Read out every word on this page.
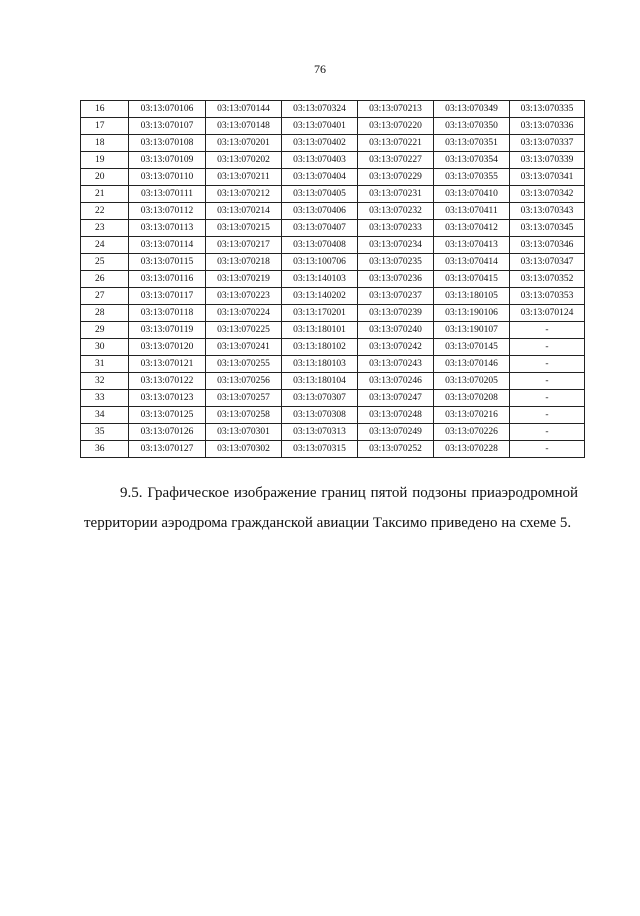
76
16	03:13:070106	03:13:070144	03:13:070324	03:13:070213	03:13:070349	03:13:070335
17	03:13:070107	03:13:070148	03:13:070401	03:13:070220	03:13:070350	03:13:070336
18	03:13:070108	03:13:070201	03:13:070402	03:13:070221	03:13:070351	03:13:070337
19	03:13:070109	03:13:070202	03:13:070403	03:13:070227	03:13:070354	03:13:070339
20	03:13:070110	03:13:070211	03:13:070404	03:13:070229	03:13:070355	03:13:070341
21	03:13:070111	03:13:070212	03:13:070405	03:13:070231	03:13:070410	03:13:070342
22	03:13:070112	03:13:070214	03:13:070406	03:13:070232	03:13:070411	03:13:070343
23	03:13:070113	03:13:070215	03:13:070407	03:13:070233	03:13:070412	03:13:070345
24	03:13:070114	03:13:070217	03:13:070408	03:13:070234	03:13:070413	03:13:070346
25	03:13:070115	03:13:070218	03:13:100706	03:13:070235	03:13:070414	03:13:070347
26	03:13:070116	03:13:070219	03:13:140103	03:13:070236	03:13:070415	03:13:070352
27	03:13:070117	03:13:070223	03:13:140202	03:13:070237	03:13:180105	03:13:070353
28	03:13:070118	03:13:070224	03:13:170201	03:13:070239	03:13:190106	03:13:070124
29	03:13:070119	03:13:070225	03:13:180101	03:13:070240	03:13:190107	-
30	03:13:070120	03:13:070241	03:13:180102	03:13:070242	03:13:070145	-
31	03:13:070121	03:13:070255	03:13:180103	03:13:070243	03:13:070146	-
32	03:13:070122	03:13:070256	03:13:180104	03:13:070246	03:13:070205	-
33	03:13:070123	03:13:070257	03:13:070307	03:13:070247	03:13:070208	-
34	03:13:070125	03:13:070258	03:13:070308	03:13:070248	03:13:070216	-
35	03:13:070126	03:13:070301	03:13:070313	03:13:070249	03:13:070226	-
36	03:13:070127	03:13:070302	03:13:070315	03:13:070252	03:13:070228	-
9.5. Графическое изображение границ пятой подзоны приаэродромной территории аэродрома гражданской авиации Таксимо приведено на схеме 5.
